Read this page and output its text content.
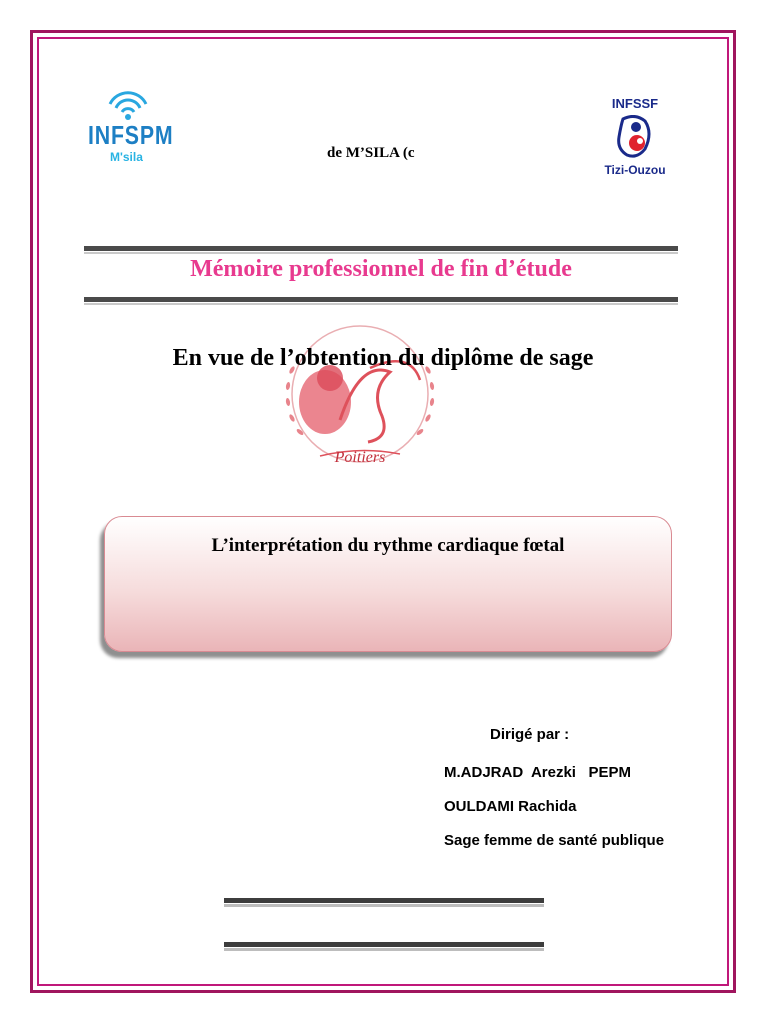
INFSPM
M'sila	de M’SILA (c
INFSSF
Tizi-Ouzou
Mémoire professionnel de fin d’étude
Poitiers
En vue de l’obtention du diplôme de sage
L’interprétation du rythme cardiaque fœtal
Dirigé par :
M.ADJRAD  Arezki   PEPM
OULDAMI Rachida
Sage femme de santé publique
